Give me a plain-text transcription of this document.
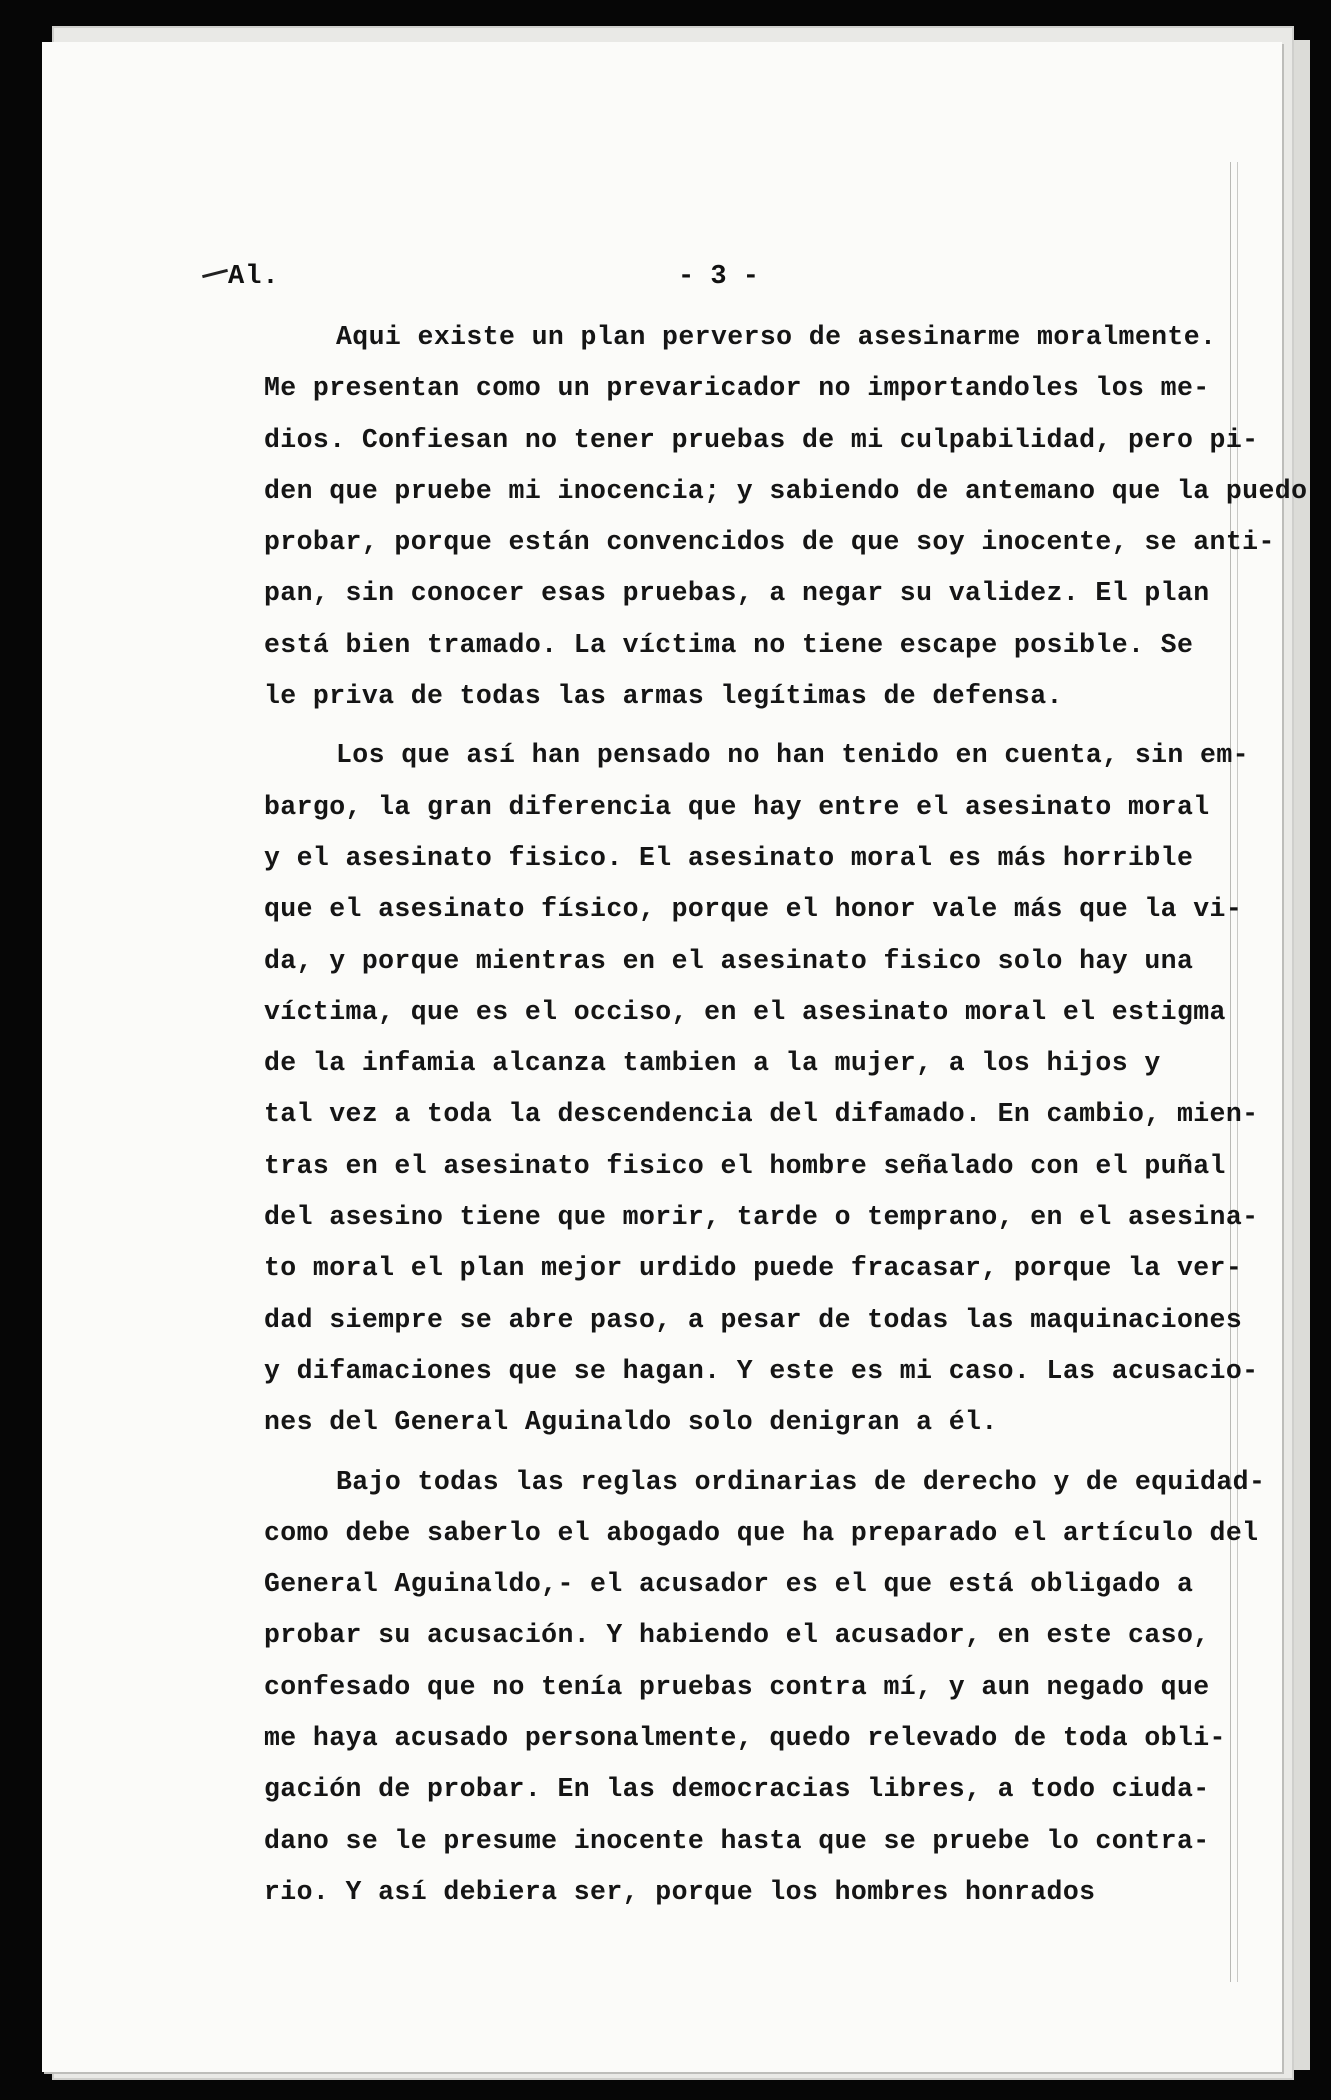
Al.	- 3 -
Aqui existe un plan perverso de asesinarme moralmente.
Me presentan como un prevaricador no importandoles los me-
dios. Confiesan no tener pruebas de mi culpabilidad, pero pi-
den que pruebe mi inocencia; y sabiendo de antemano que la puedo
probar, porque están convencidos de que soy inocente, se anti-
pan, sin conocer esas pruebas, a negar su validez. El plan
está bien tramado. La víctima no tiene escape posible. Se
le priva de todas las armas legítimas de defensa.
Los que así han pensado no han tenido en cuenta, sin em-
bargo, la gran diferencia que hay entre el asesinato moral
y el asesinato fisico. El asesinato moral es más horrible
que el asesinato físico, porque el honor vale más que la vi-
da, y porque mientras en el asesinato fisico solo hay una
víctima, que es el occiso, en el asesinato moral el estigma
de la infamia alcanza tambien a la mujer, a los hijos y
tal vez a toda la descendencia del difamado. En cambio, mien-
tras en el asesinato fisico el hombre señalado con el puñal
del asesino tiene que morir, tarde o temprano, en el asesina-
to moral el plan mejor urdido puede fracasar, porque la ver-
dad siempre se abre paso, a pesar de todas las maquinaciones
y difamaciones que se hagan. Y este es mi caso. Las acusacio-
nes del General Aguinaldo solo denigran a él.
Bajo todas las reglas ordinarias de derecho y de equidad-
como debe saberlo el abogado que ha preparado el artículo del
General Aguinaldo,- el acusador es el que está obligado a
probar su acusación. Y habiendo el acusador, en este caso,
confesado que no tenía pruebas contra mí, y aun negado que
me haya acusado personalmente, quedo relevado de toda obli-
gación de probar. En las democracias libres, a todo ciuda-
dano se le presume inocente hasta que se pruebe lo contra-
rio. Y así debiera ser, porque los hombres honrados
